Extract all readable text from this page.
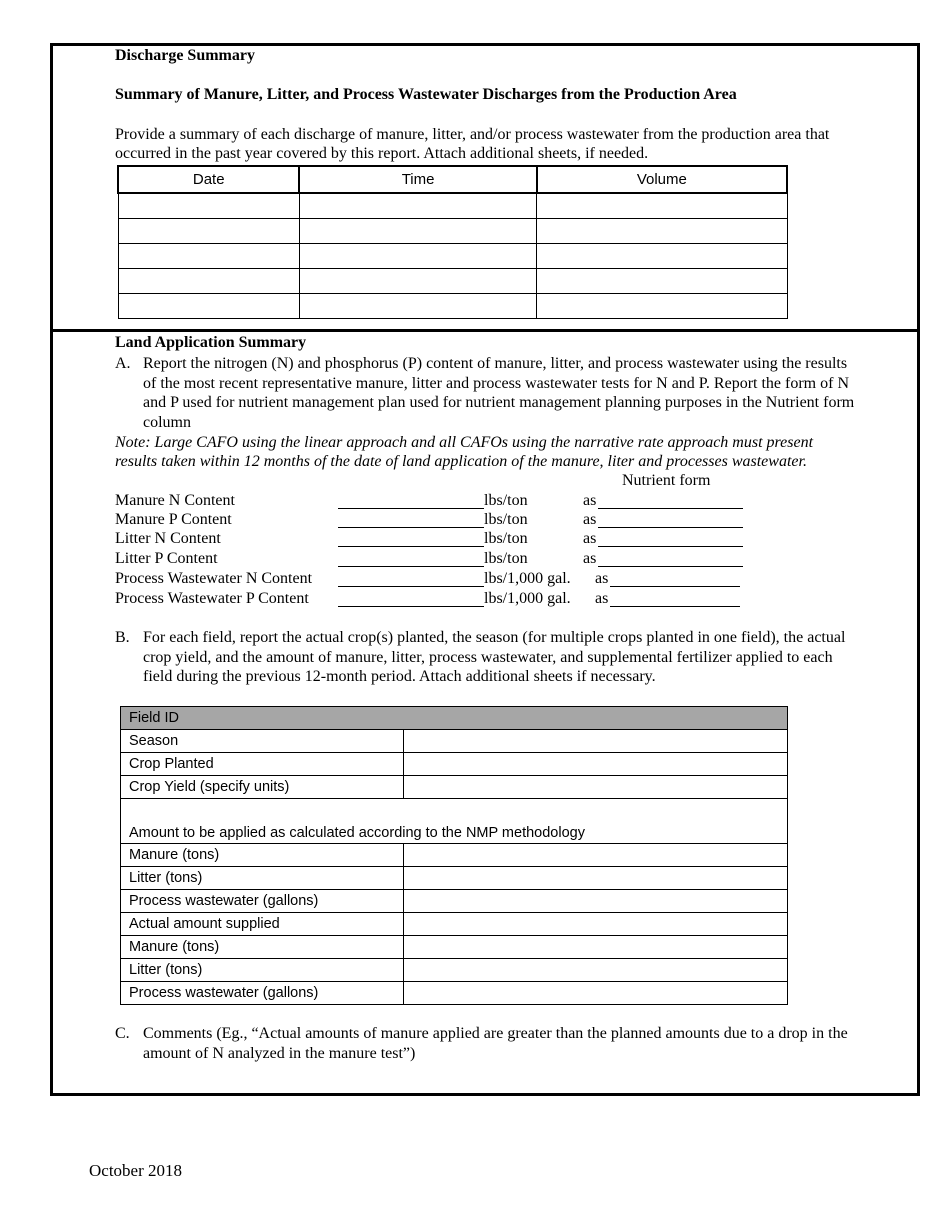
Discharge Summary
Summary of Manure, Litter, and Process Wastewater Discharges from the Production Area
Provide a summary of each discharge of manure, litter, and/or process wastewater from the production area that
occurred in the past year covered by this report. Attach additional sheets, if needed.
Date	Time	Volume

Land Application Summary
A. Report the nitrogen (N) and phosphorus (P) content of manure, litter, and process wastewater using the results
of the most recent representative manure, litter and process wastewater tests for N and P. Report the form of N
and P used for nutrient management plan used for nutrient management planning purposes in the Nutrient form
column
Note: Large CAFO using the linear approach and all CAFOs using the narrative rate approach must present
results taken within 12 months of the date of land application of the manure, liter and processes wastewater.
Nutrient form
Manure N Content	lbs/ton	as
Manure P Content	lbs/ton	as
Litter N Content	lbs/ton	as
Litter P Content	lbs/ton	as
Process Wastewater N Content	lbs/1,000 gal. as
Process Wastewater P Content	lbs/1,000 gal. as
B. For each field, report the actual crop(s) planted, the season (for multiple crops planted in one field), the actual
crop yield, and the amount of manure, litter, process wastewater, and supplemental fertilizer applied to each
field during the previous 12-month period. Attach additional sheets if necessary.
Field ID	
Season	
Crop Planted	
Crop Yield (specify units)	
Amount to be applied as calculated according to the NMP methodology	
Manure (tons)	
Litter (tons)	
Process wastewater (gallons)	
Actual amount supplied	
Manure (tons)	
Litter (tons)	
Process wastewater (gallons)	
C. Comments (Eg., “Actual amounts of manure applied are greater than the planned amounts due to a drop in the
amount of N analyzed in the manure test”)
October 2018
